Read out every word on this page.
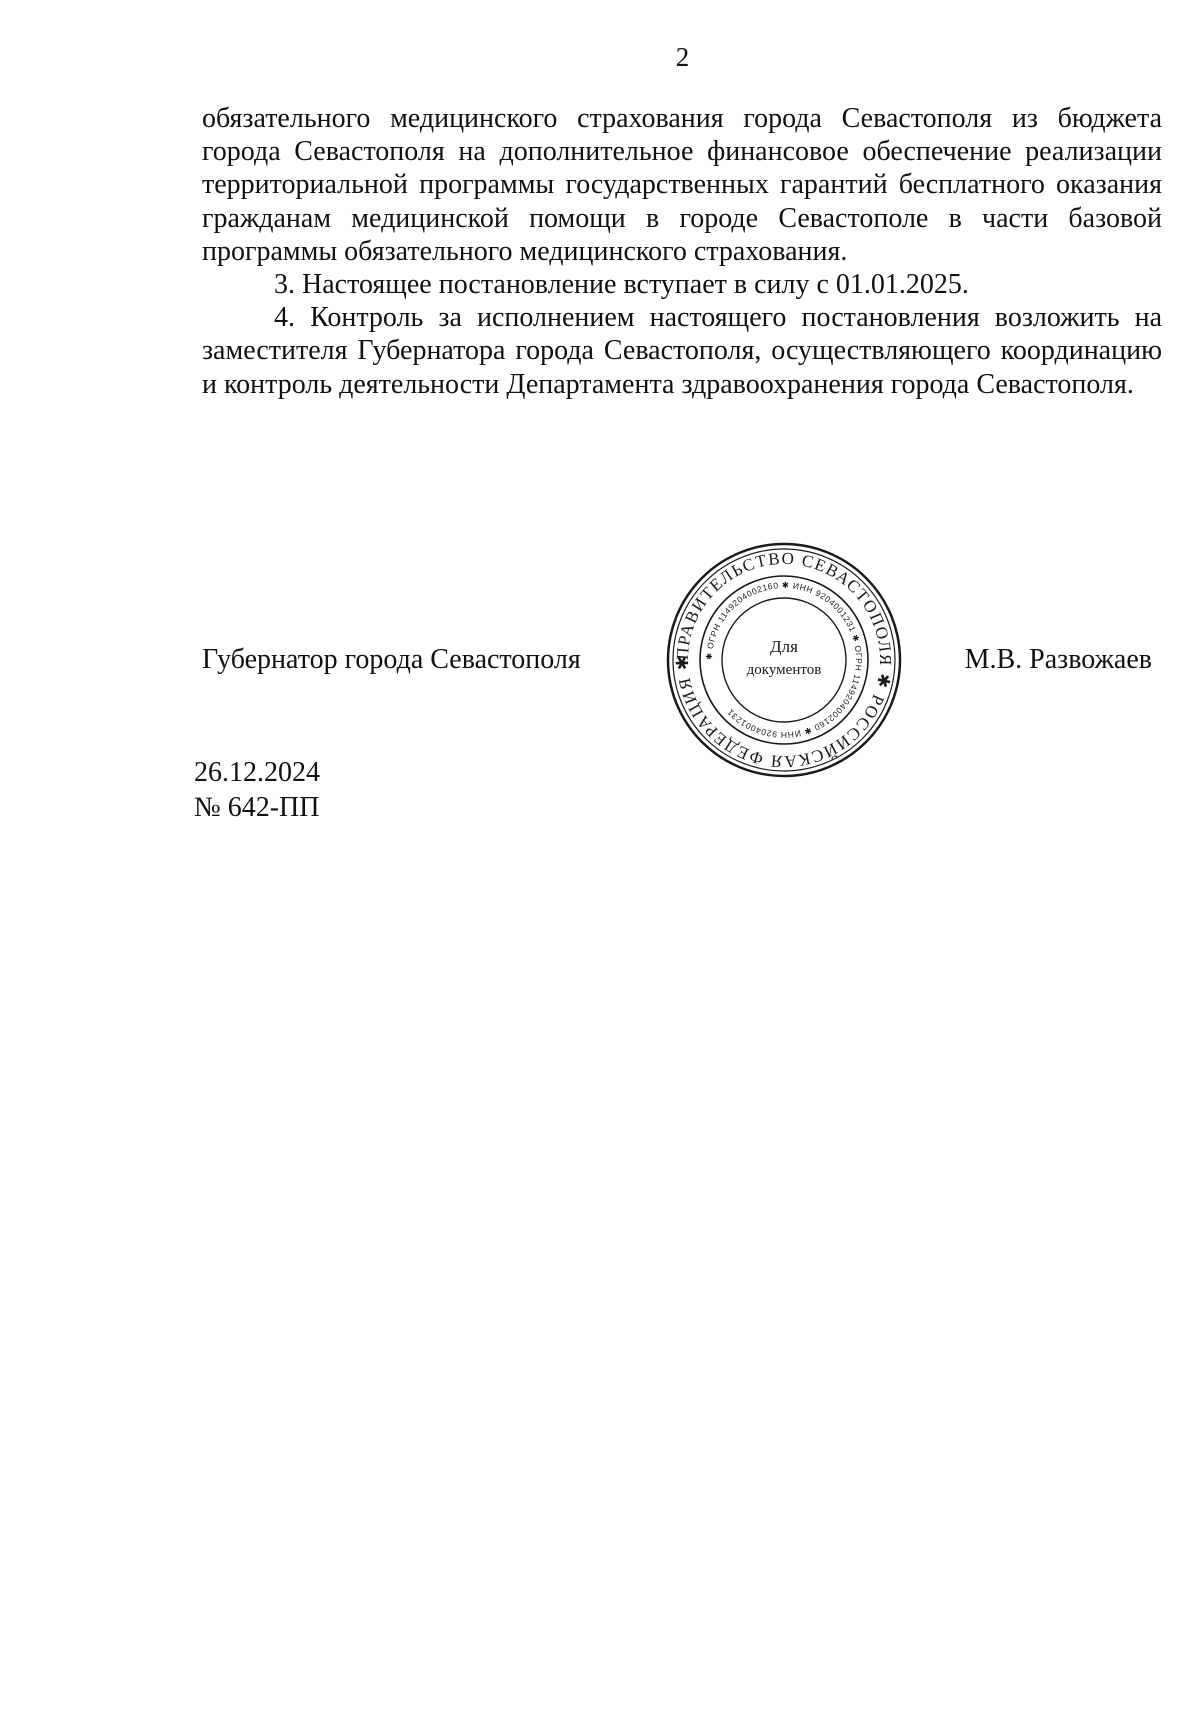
2

обязательного медицинского страхования города Севастополя из бюджета города Севастополя на дополнительное финансовое обеспечение реализации территориальной программы государственных гарантий бесплатного оказания гражданам медицинской помощи в городе Севастополе в части базовой программы обязательного медицинского страхования.

3. Настоящее постановление вступает в силу с 01.01.2025.

4. Контроль за исполнением настоящего постановления возложить на заместителя Губернатора города Севастополя, осуществляющего координацию и контроль деятельности Департамента здравоохранения города Севастополя.

Губернатор города Севастополя	М.В. Развожаев
ПРАВИТЕЛЬСТВО СЕВАСТОПОЛЯ ✱ РОССИЙСКАЯ ФЕДЕРАЦИЯ ✱	✱ ОГРН 1149204002160 ✱ ИНН 9204001231 ✱ ОГРН 1149204002160 ✱ ИНН 9204001231
Для
документов
26.12.2024
№ 642-ПП
